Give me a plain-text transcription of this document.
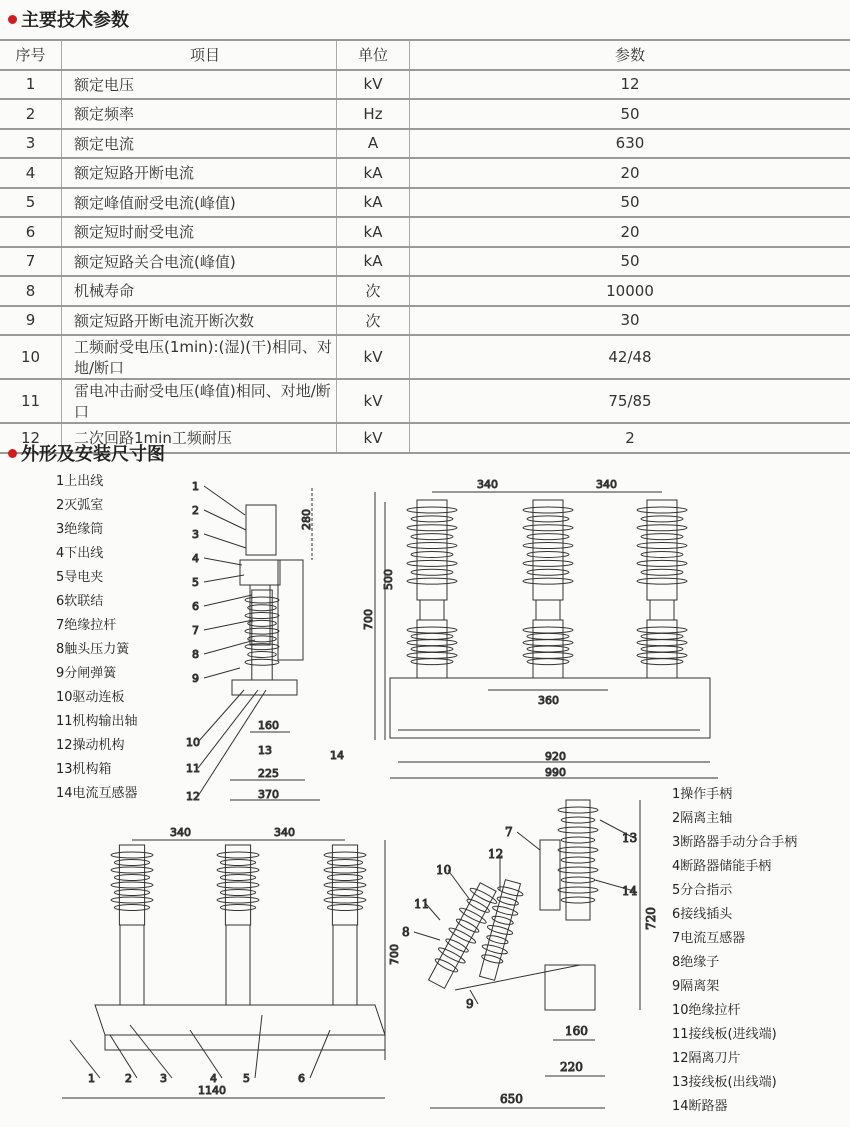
主要技术参数
序号	项目	单位	参数
1	额定电压	kV	12
2	额定频率	Hz	50
3	额定电流	A	630
4	额定短路开断电流	kA	20
5	额定峰值耐受电流(峰值)	kA	50
6	额定短时耐受电流	kA	20
7	额定短路关合电流(峰值)	kA	50
8	机械寿命	次	10000
9	额定短路开断电流开断次数	次	30
10	工频耐受电压(1min):(湿)(干)相同、对地/断口	kV	42/48
11	雷电冲击耐受电压(峰值)相同、对地/断口	kV	75/85
12	二次回路1min工频耐压	kV	2
外形及安装尺寸图
1上出线
2灭弧室
3绝缘筒
4下出线
5导电夹
6软联结
7绝缘拉杆
8触头压力簧
9分闸弹簧
10驱动连板
11机构输出轴
12操动机构
13机构箱
14电流互感器	1操作手柄
2隔离主轴
3断路器手动分合手柄
4断路器储能手柄
5分合指示
6接线插头
7电流互感器
8绝缘子
9隔离架
10绝缘拉杆
11接线板(进线端)
12隔离刀片
13接线板(出线端)
14断路器
1
2
3
4
5
6
7
8
9
10
11
12
280
160
13	14
225
370
340	340
500
700
360
920
990
1	2	3	4 5	6
340	340
700
1140
720
160
220
650
7
12
10
11
8
9
13
14
